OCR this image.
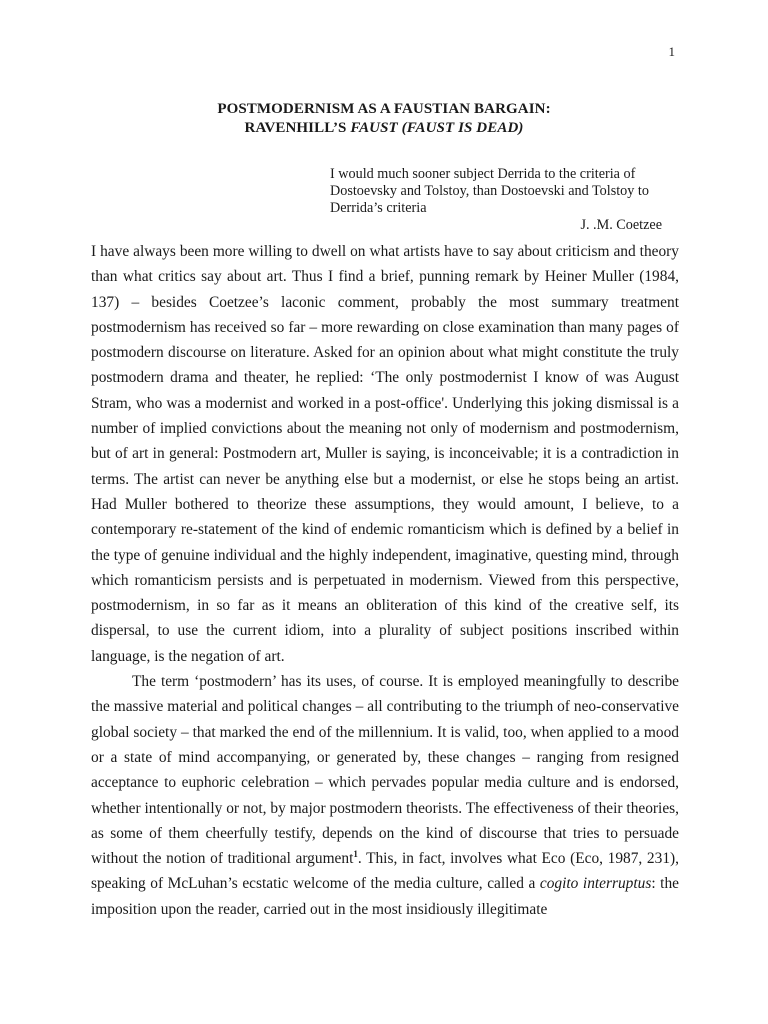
1
POSTMODERNISM AS A FAUSTIAN BARGAIN:
RAVENHILL’S FAUST (FAUST IS DEAD)
I would much sooner subject Derrida to the criteria of Dostoevsky and Tolstoy, than Dostoevski and Tolstoy to Derrida’s criteria
J. .M. Coetzee

I have always been more willing to dwell on what artists have to say about criticism and theory than what critics say about art. Thus I find a brief, punning remark by Heiner Muller (1984, 137) – besides Coetzee’s laconic comment, probably the most summary treatment postmodernism has received so far – more rewarding on close examination than many pages of postmodern discourse on literature. Asked for an opinion about what might constitute the truly postmodern drama and theater, he replied: ‘The only postmodernist I know of was August Stram, who was a modernist and worked in a post-office'. Underlying this joking dismissal is a number of implied convictions about the meaning not only of modernism and postmodernism, but of art in general: Postmodern art, Muller is saying, is inconceivable; it is a contradiction in terms. The artist can never be anything else but a modernist, or else he stops being an artist. Had Muller bothered to theorize these assumptions, they would amount, I believe, to a contemporary re-statement of the kind of endemic romanticism which is defined by a belief in the type of genuine individual and the highly independent, imaginative, questing mind, through which romanticism persists and is perpetuated in modernism. Viewed from this perspective, postmodernism, in so far as it means an obliteration of this kind of the creative self, its dispersal, to use the current idiom, into a plurality of subject positions inscribed within language, is the negation of art.

The term ‘postmodern’ has its uses, of course. It is employed meaningfully to describe the massive material and political changes – all contributing to the triumph of neo-conservative global society – that marked the end of the millennium. It is valid, too, when applied to a mood or a state of mind accompanying, or generated by, these changes – ranging from resigned acceptance to euphoric celebration – which pervades popular media culture and is endorsed, whether intentionally or not, by major postmodern theorists. The effectiveness of their theories, as some of them cheerfully testify, depends on the kind of discourse that tries to persuade without the notion of traditional argument$^1$. This, in fact, involves what Eco (Eco, 1987, 231), speaking of McLuhan’s ecstatic welcome of the media culture, called a cogito interruptus: the imposition upon the reader, carried out in the most insidiously illegitimate
